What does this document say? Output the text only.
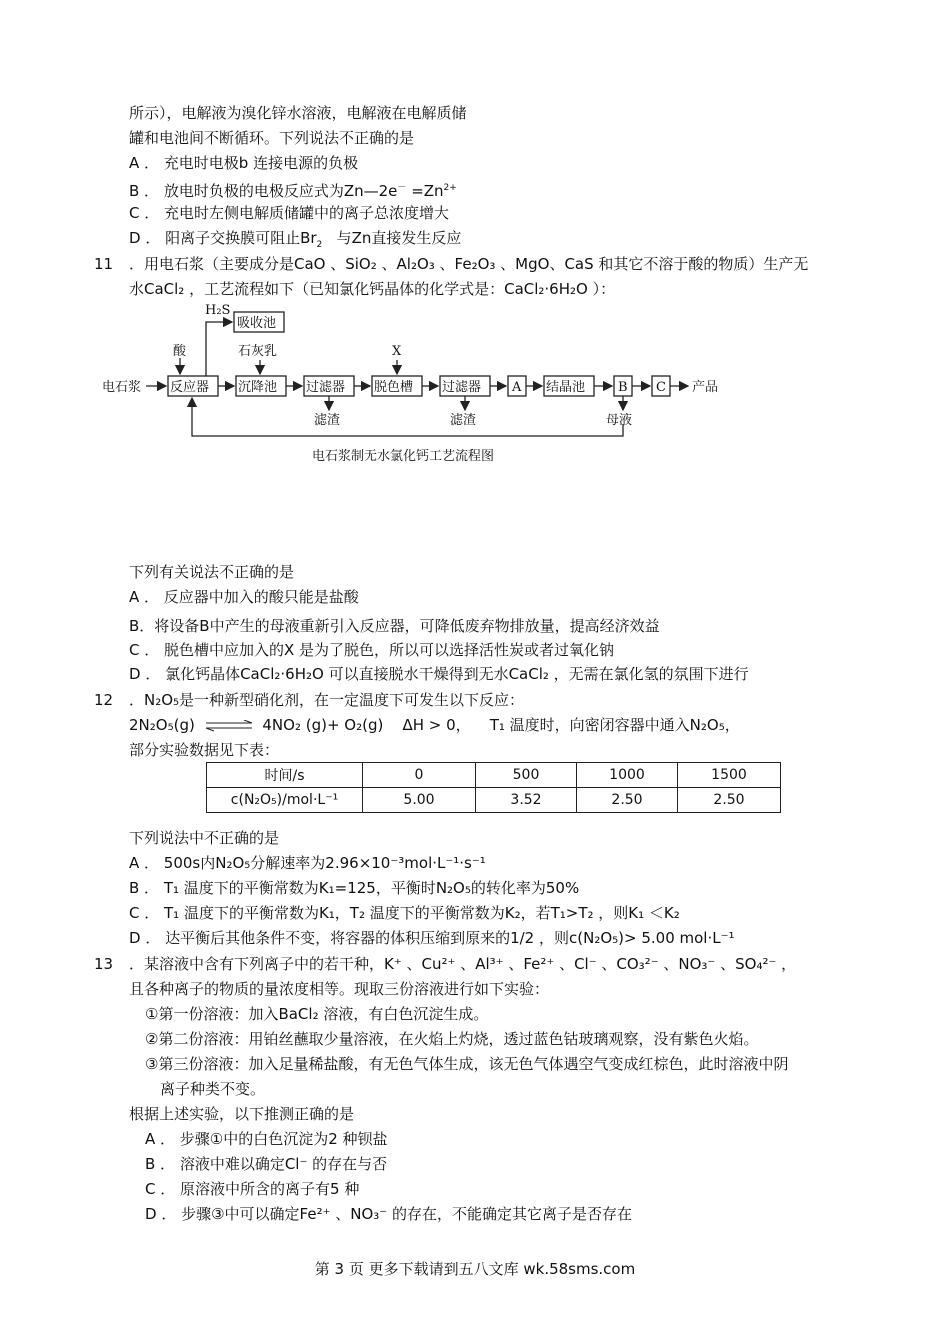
所示），电解液为溴化锌水溶液，电解液在电解质储
罐和电池间不断循环。下列说法不正确的是
A ． 充电时电极b 连接电源的负极
B ． 放电时负极的电极反应式为Zn—2e－ $=Zn^{2+}$
C ． 充电时左侧电解质储罐中的离子总浓度增大
D ． 阳离子交换膜可阻止$Br_2$ 与Zn直接发生反应
11 ．用电石浆（主要成分是CaO 、SiO₂ 、Al₂O₃ 、Fe₂O₃ 、MgO、CaS 和其它不溶于酸的物质）生产无
水CaCl₂ ，工艺流程如下（已知氯化钙晶体的化学式是：CaCl₂·6H₂O ）：
H₂S
吸收池
酸	石灰乳	X
电石浆 反应器 沉降池 过滤器 脱色槽 过滤器 A 结晶池	B C 产品
滤渣	滤渣	母液
电石浆制无水氯化钙工艺流程图
下列有关说法不正确的是
A ． 反应器中加入的酸只能是盐酸
B．将设备B中产生的母液重新引入反应器，可降低废弃物排放量，提高经济效益
C ． 脱色槽中应加入的X 是为了脱色，所以可以选择活性炭或者过氧化钠
D ． 氯化钙晶体CaCl₂·6H₂O 可以直接脱水干燥得到无水CaCl₂ ，无需在氯化氢的氛围下进行
12 ．N₂O₅是一种新型硝化剂，在一定温度下可发生以下反应：
2N₂O₅(g) ⇌ 4NO₂ (g)+ O₂(g) ΔH > 0， T₁ 温度时，向密闭容器中通入N₂O₅，
部分实验数据见下表：
时间/s	0	500	1000	1500
c(N₂O₅)/mol·L⁻¹	5.00	3.52	2.50	2.50
下列说法中不正确的是
A ． 500s内N₂O₅分解速率为2.96×10⁻³mol·L⁻¹·s⁻¹
B ． T₁ 温度下的平衡常数为K₁=125，平衡时N₂O₅的转化率为50%
C ． T₁ 温度下的平衡常数为K₁，T₂ 温度下的平衡常数为K₂，若T₁>T₂ ，则K₁ ＜K₂
D ． 达平衡后其他条件不变，将容器的体积压缩到原来的1/2 ，则c(N₂O₅)> 5.00 mol·L⁻¹
13 ．某溶液中含有下列离子中的若干种，K⁺ 、Cu²⁺ 、Al³⁺ 、Fe²⁺ 、Cl⁻ 、CO₃²⁻ 、NO₃⁻ 、SO₄²⁻ ，
且各种离子的物质的量浓度相等。现取三份溶液进行如下实验：
①第一份溶液：加入BaCl₂ 溶液，有白色沉淀生成。
②第二份溶液：用铂丝蘸取少量溶液，在火焰上灼烧，透过蓝色钴玻璃观察，没有紫色火焰。
③第三份溶液：加入足量稀盐酸，有无色气体生成，该无色气体遇空气变成红棕色，此时溶液中阴
离子种类不变。
根据上述实验，以下推测正确的是
A ． 步骤①中的白色沉淀为2 种钡盐
B ． 溶液中难以确定Cl⁻ 的存在与否
C ． 原溶液中所含的离子有5 种
D ． 步骤③中可以确定Fe²⁺ 、NO₃⁻ 的存在，不能确定其它离子是否存在
第 3 页 更多下载请到五八文库 wk.58sms.com
